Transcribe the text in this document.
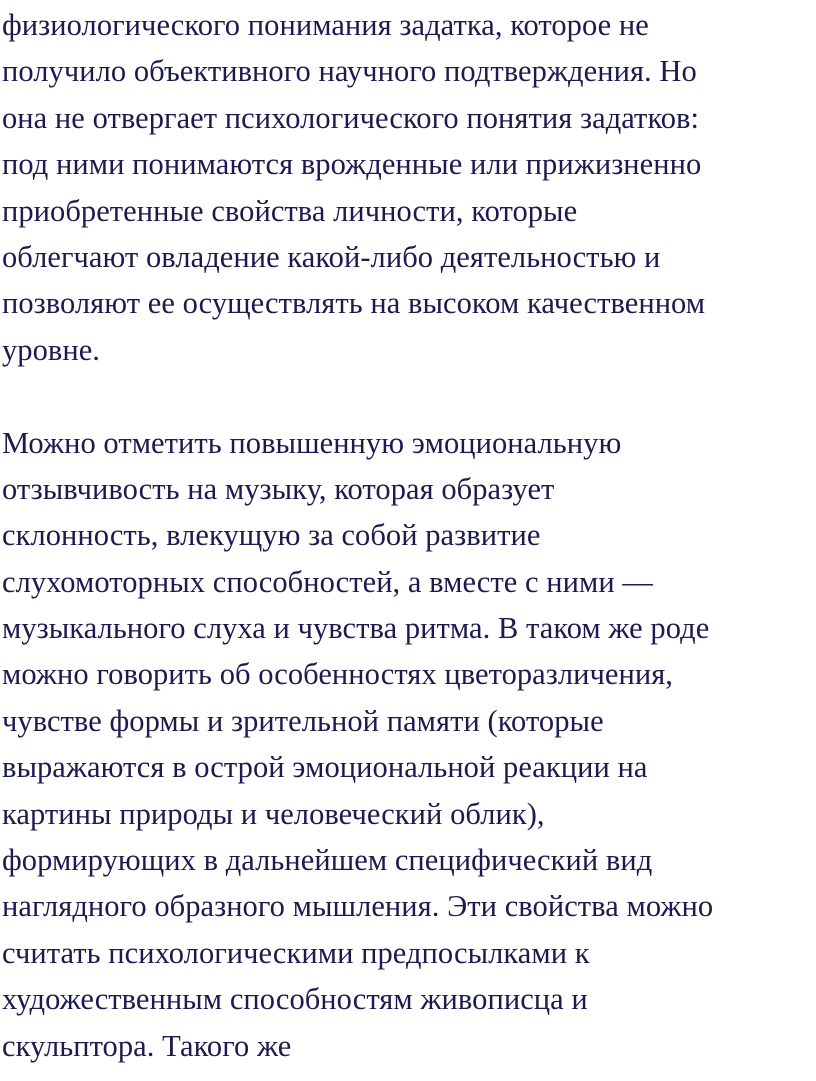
физиологического понимания задатка, которое не
получило объективного научного подтверждения. Но
она не отвергает психологического понятия задатков:
под ними понимаются врожденные или прижизненно
приобретенные свойства личности, которые
облегчают овладение какой-либо деятельностью и
позволяют ее осуществлять на высоком качественном
уровне.
Можно отметить повышенную эмоциональную
отзывчивость на музыку, которая образует
склонность, влекущую за собой развитие
слухомоторных способностей, а вместе с ними —
музыкального слуха и чувства ритма. В таком же роде
можно говорить об особенностях цветоразличения,
чувстве формы и зрительной памяти (которые
выражаются в острой эмоциональной реакции на
картины природы и человеческий облик),
формирующих в дальнейшем специфический вид
наглядного образного мышления. Эти свойства можно
считать психологическими предпосылками к
художественным способностям живописца и
скульптора. Такого же
